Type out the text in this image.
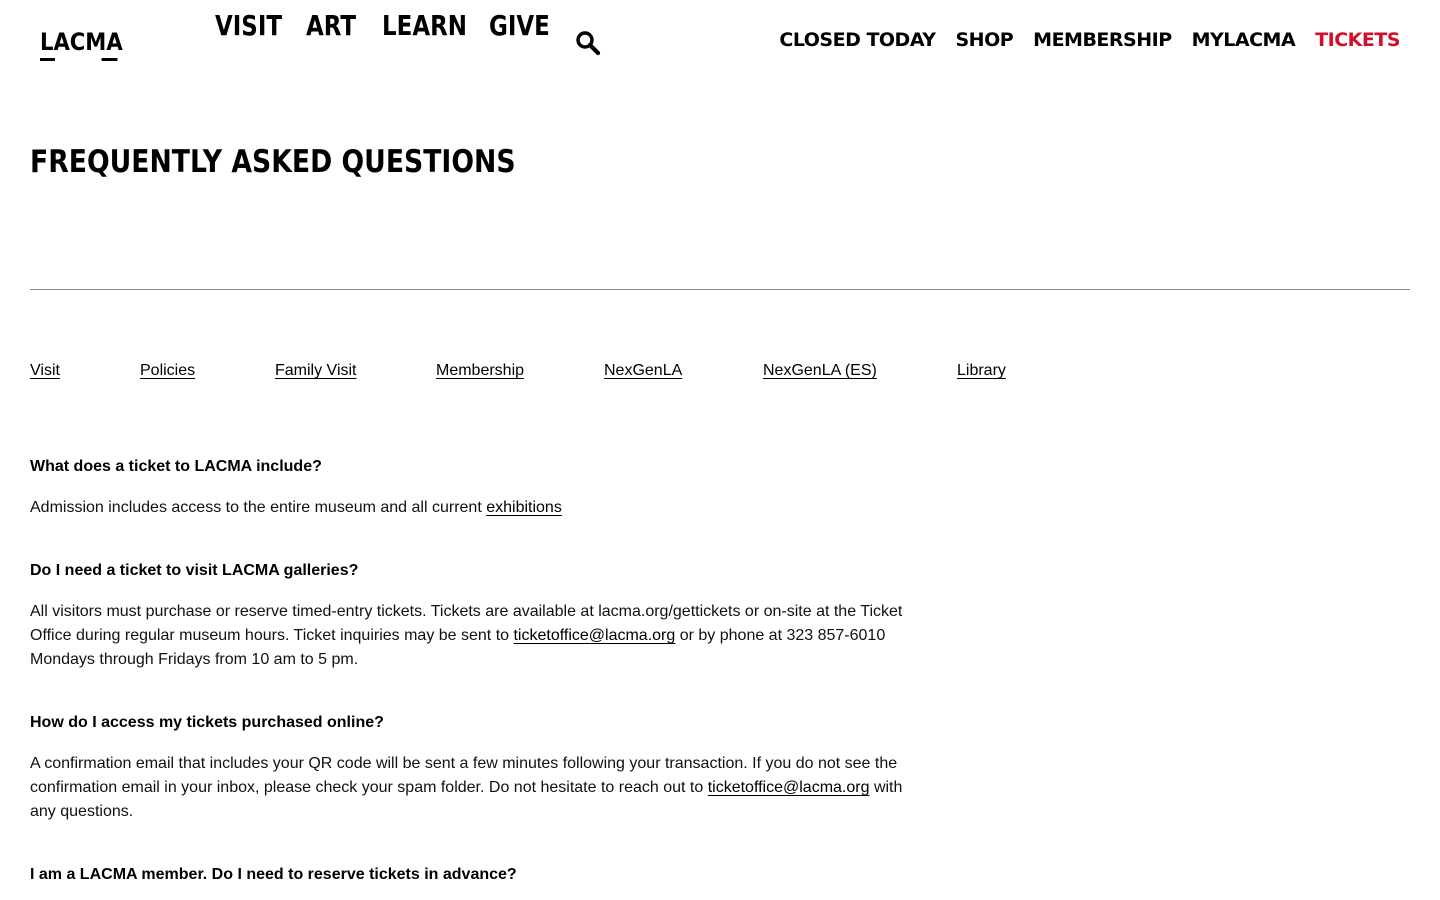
LACMA	VISIT ART LEARN GIVE	CLOSED TODAY SHOP MEMBERSHIP MYLACMA TICKETS
FREQUENTLY ASKED QUESTIONS
Visit	Policies	Family Visit	Membership	NexGenLA	NexGenLA (ES)	Library
What does a ticket to LACMA include?

Admission includes access to the entire museum and all current exhibitions

Do I need a ticket to visit LACMA galleries?

All visitors must purchase or reserve timed-entry tickets. Tickets are available at lacma.org/gettickets or on-site at the Ticket Office during regular museum hours. Ticket inquiries may be sent to ticketoffice@lacma.org or by phone at 323 857-6010 Mondays through Fridays from 10 am to 5 pm.

How do I access my tickets purchased online?

A confirmation email that includes your QR code will be sent a few minutes following your transaction. If you do not see the confirmation email in your inbox, please check your spam folder. Do not hesitate to reach out to ticketoffice@lacma.org with any questions.

I am a LACMA member. Do I need to reserve tickets in advance?
